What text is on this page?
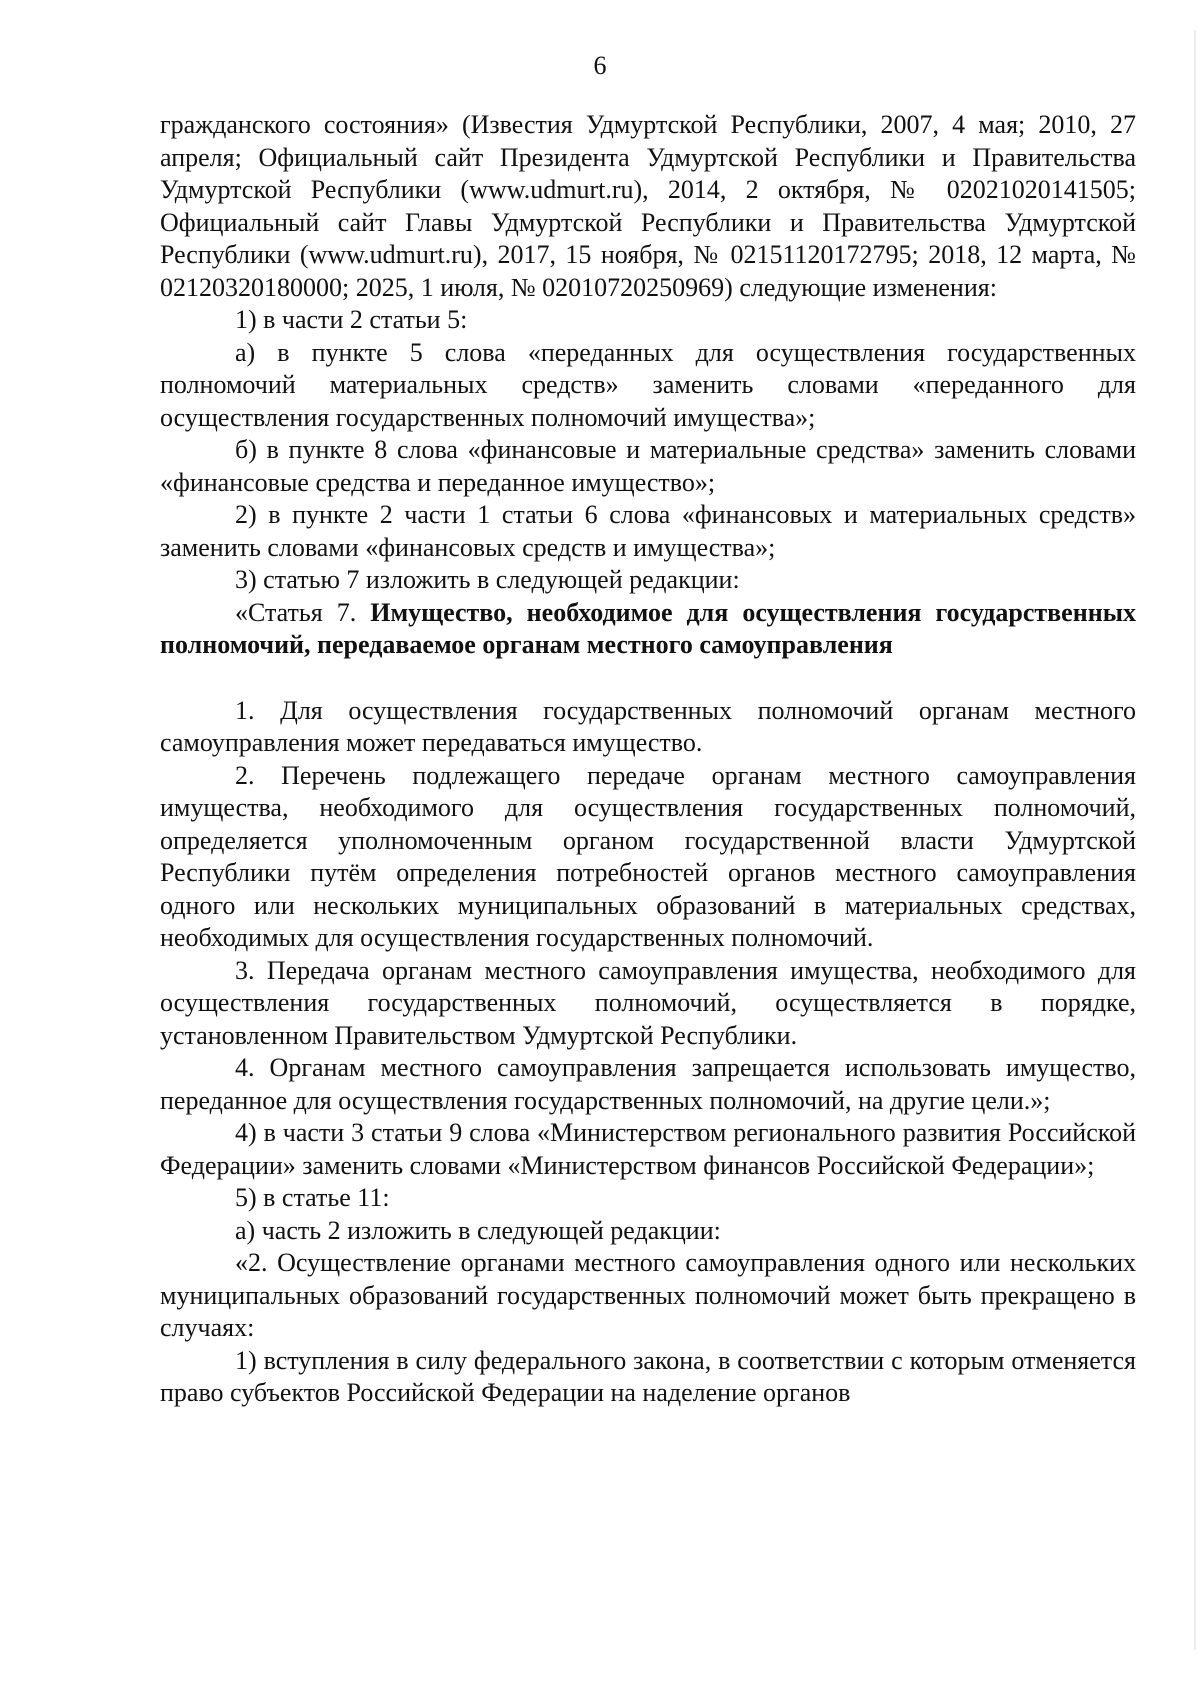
6

гражданского состояния» (Известия Удмуртской Республики, 2007, 4 мая; 2010, 27 апреля; Официальный сайт Президента Удмуртской Республики и Правительства Удмуртской Республики (www.udmurt.ru), 2014, 2 октября, № 02021020141505; Официальный сайт Главы Удмуртской Республики и Правительства Удмуртской Республики (www.udmurt.ru), 2017, 15 ноября, № 02151120172795; 2018, 12 марта, № 02120320180000; 2025, 1 июля, № 02010720250969) следующие изменения:

1) в части 2 статьи 5:

а) в пункте 5 слова «переданных для осуществления государственных полномочий материальных средств» заменить словами «переданного для осуществления государственных полномочий имущества»;

б) в пункте 8 слова «финансовые и материальные средства» заменить словами «финансовые средства и переданное имущество»;

2) в пункте 2 части 1 статьи 6 слова «финансовых и материальных средств» заменить словами «финансовых средств и имущества»;

3) статью 7 изложить в следующей редакции:

«Статья 7. Имущество, необходимое для осуществления государственных полномочий, передаваемое органам местного самоуправления

1. Для осуществления государственных полномочий органам местного самоуправления может передаваться имущество.

2. Перечень подлежащего передаче органам местного самоуправления имущества, необходимого для осуществления государственных полномочий, определяется уполномоченным органом государственной власти Удмуртской Республики путём определения потребностей органов местного самоуправления одного или нескольких муниципальных образований в материальных средствах, необходимых для осуществления государственных полномочий.

3. Передача органам местного самоуправления имущества, необходимого для осуществления государственных полномочий, осуществляется в порядке, установленном Правительством Удмуртской Республики.

4. Органам местного самоуправления запрещается использовать имущество, переданное для осуществления государственных полномочий, на другие цели.»;

4) в части 3 статьи 9 слова «Министерством регионального развития Российской Федерации» заменить словами «Министерством финансов Российской Федерации»;

5) в статье 11:

а) часть 2 изложить в следующей редакции:

«2. Осуществление органами местного самоуправления одного или нескольких муниципальных образований государственных полномочий может быть прекращено в случаях:

1) вступления в силу федерального закона, в соответствии с которым отменяется право субъектов Российской Федерации на наделение органов
